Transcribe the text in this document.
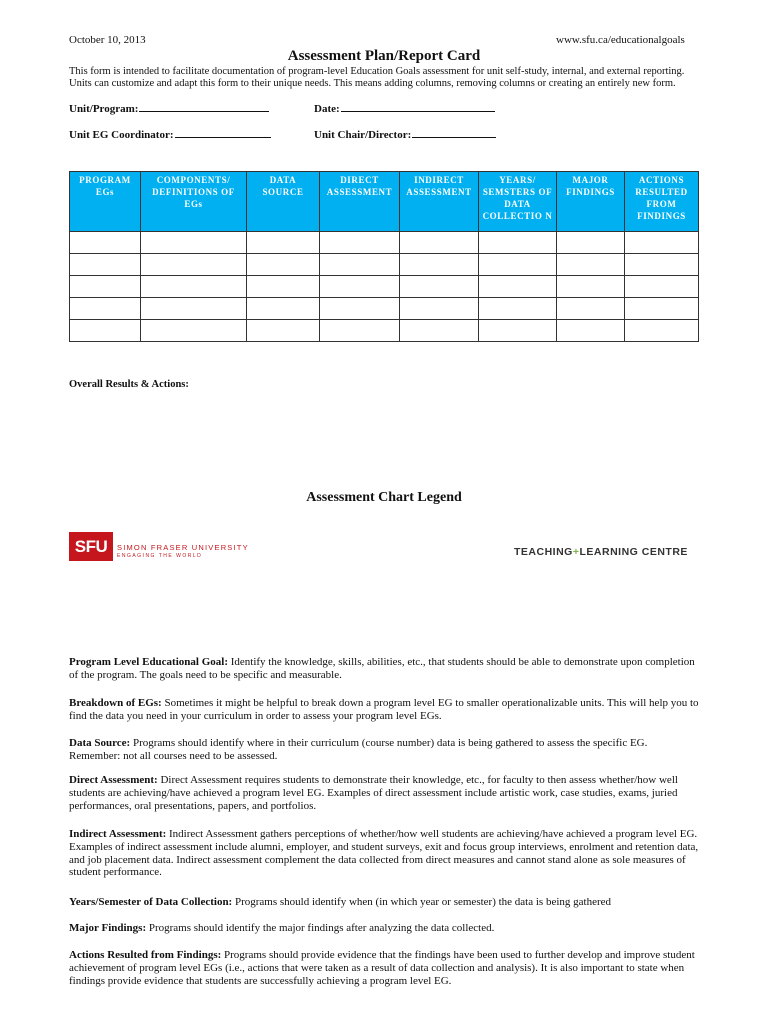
October 10, 2013	www.sfu.ca/educationalgoals
Assessment Plan/Report Card
This form is intended to facilitate documentation of program-level Education Goals assessment for unit self-study, internal, and external reporting. Units can customize and adapt this form to their unique needs. This means adding columns, removing columns or creating an entirely new form.
Unit/Program:	Date:
Unit EG Coordinator:	Unit Chair/Director:
PROGRAM EGs	COMPONENTS/ DEFINITIONS OF EGs	DATA SOURCE	DIRECT ASSESSMENT	INDIRECT ASSESSMENT	YEARS/ SEMSTERS OF DATA COLLECTIO N	MAJOR FINDINGS	ACTIONS RESULTED FROM FINDINGS

Overall Results & Actions:
Assessment Chart Legend
SFU	SIMON FRASER UNIVERSITY
ENGAGING THE WORLD	TEACHING+LEARNING CENTRE
Program Level Educational Goal: Identify the knowledge, skills, abilities, etc., that students should be able to demonstrate upon completion of the program. The goals need to be specific and measurable.
Breakdown of EGs: Sometimes it might be helpful to break down a program level EG to smaller operationalizable units. This will help you to find the data you need in your curriculum in order to assess your program level EGs.
Data Source: Programs should identify where in their curriculum (course number) data is being gathered to assess the specific EG. Remember: not all courses need to be assessed.
Direct Assessment: Direct Assessment requires students to demonstrate their knowledge, etc., for faculty to then assess whether/how well students are achieving/have achieved a program level EG. Examples of direct assessment include artistic work, case studies, exams, juried performances, oral presentations, papers, and portfolios.
Indirect Assessment: Indirect Assessment gathers perceptions of whether/how well students are achieving/have achieved a program level EG. Examples of indirect assessment include alumni, employer, and student surveys, exit and focus group interviews, enrolment and retention data, and job placement data. Indirect assessment complement the data collected from direct measures and cannot stand alone as sole measures of student performance.
Years/Semester of Data Collection: Programs should identify when (in which year or semester) the data is being gathered
Major Findings: Programs should identify the major findings after analyzing the data collected.
Actions Resulted from Findings: Programs should provide evidence that the findings have been used to further develop and improve student achievement of program level EGs (i.e., actions that were taken as a result of data collection and analysis). It is also important to state when findings provide evidence that students are successfully achieving a program level EG.
